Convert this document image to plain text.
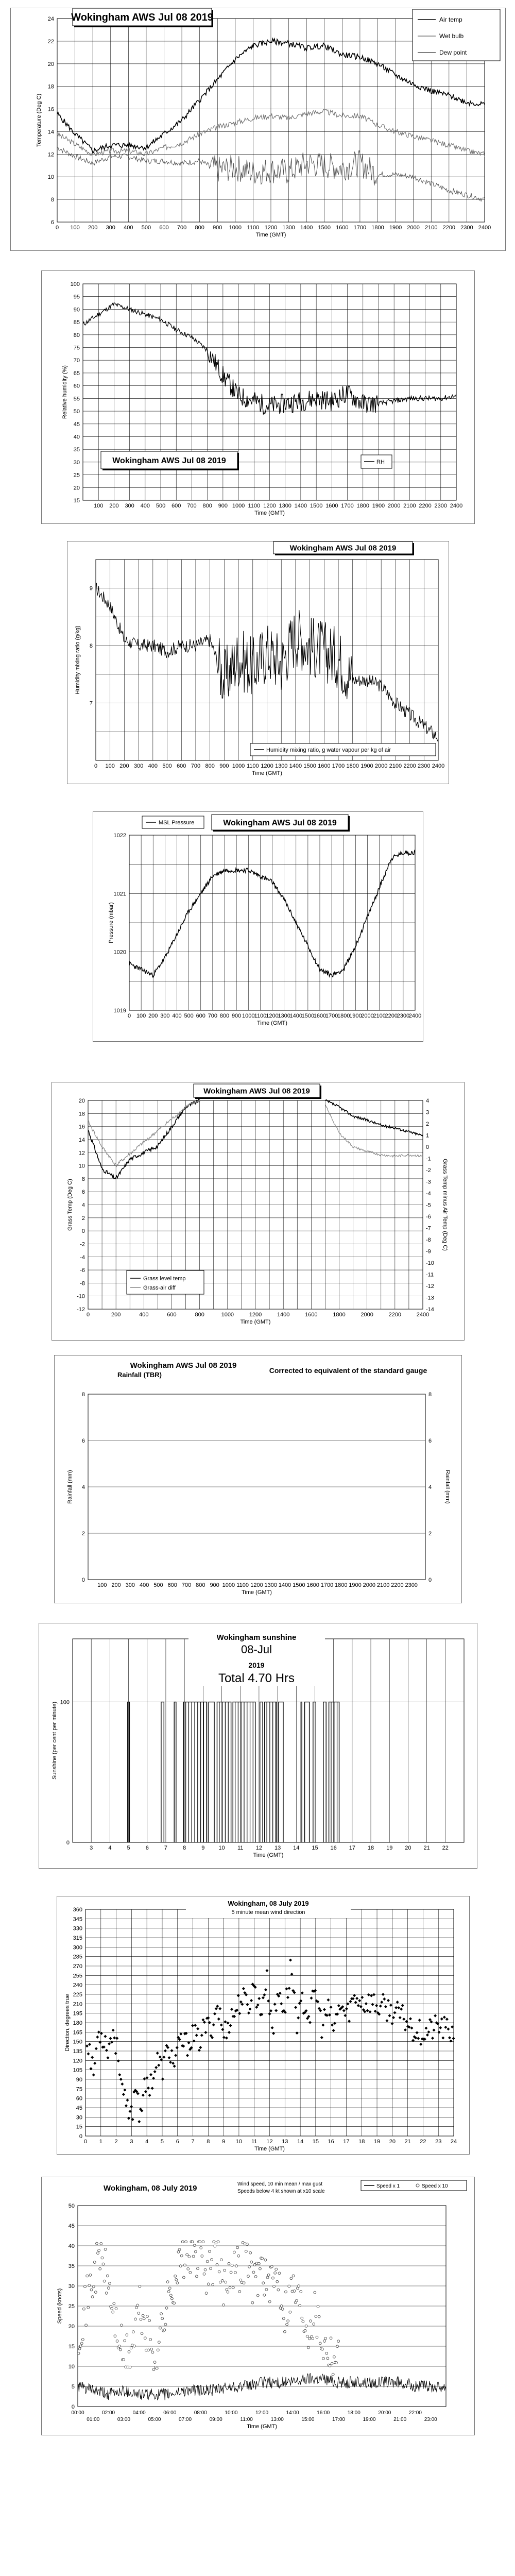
0 100 200 300 400 500 600 700 800 900 1000 1100 1200 1300 1400 1500 1600 1700 1800 1900 2000 2100 2200 2300 2400
6
8
10
12
14
16
18
20
22
24
Time (GMT)
Temperature (Deg C)
Wokingham AWS Jul 08 2019	Air temp
Wet bulb
Dew point
100 200 300 400 500 600 700 800 900 1000 1100 1200 1300 1400 1500 1600 1700 1800 1900 2000 2100 2200 2300 2400
15
20
25
30
35
40
45
50
55
60
65
70
75
80
85
90
95
100
Time (GMT)
Relative humidity (%)
Wokingham AWS Jul 08 2019	RH
0 100 200 300 400 500 600 700 800 900 1000 1100 1200 1300 1400 1500 1600 1700 1800 1900 2000 2100 2200 2300 2400
7
8
9
Time (GMT)
Humidity mixing ratio (g/kg)
Wokingham AWS Jul 08 2019
Humidity mixing ratio, g water vapour per kg of air
0 100 200 300 400 500 600 700 800 900 1000 1100 1200
1300
1400
1500
1600
1700
1800
1900
2000
2100
2200
2300
2400
1019
1020
1021
1022
Time (GMT)
Pressure (mbar)
MSL Pressure	Wokingham AWS Jul 08 2019
0	200	400	600	800	1000	1200	1400	1600	1800	2000	2200	2400
20
18
16
14
12
10
8
6
4
2
0
-2
-4
-6
-8
-10
-12
Time (GMT)
Grass Temp (Deg C)
4
3
2
1
0
-1
-2
-3
-4
-5
-6
-7
-8
-9
-10
-11
-12
-13
-14
Grass Temp minus Air Temp (Deg C)
Wokingham AWS Jul 08 2019
Grass level temp
Grass-air diff
100 200 300 400 500 600 700 800 900 1000 1100 1200 1300 1400 1500 1600 1700 1800 1900 2000 2100 2200 2300
0
2
4
6
8
Time (GMT)
Rainfall (mm)
0
2
4
6
8
Rainfall (mm)
Wokingham AWS Jul 08 2019
Rainfall (TBR)
Corrected to equivalent of the standard gauge
3	4	5	6	7	8	9 10 11 12 13 14 15 16 17 18 19 20 21 22
0
100
Time (GMT)
Sunshine (per cent per minute)
Wokingham sunshine
08-Jul
2019
Total 4.70 Hrs
0 1 2 3 4 5 6 7 8 9 10 11 12 13 14 15 16 17 18 19 20 21 22 23 24
0
15
30
45
60
75
90
105
120
135
150
165
180
195
210
225
240
255
270
285
300
315
330
345
360
Time (GMT)
Direction, degrees true
Wokingham, 08 July 2019
5 minute mean wind direction
0
5
10
15
20
25
30
35
40
45
50
Speed (knots)
00:00
01:00
02:00
03:00
04:00
05:00
06:00
07:00
08:00
09:00
10:00
11:00
12:00
13:00
14:00
15:00
16:00
17:00
18:00
19:00
20:00
21:00
22:00
23:00
Time (GMT)
Wokingham, 08 July 2019	Wind speed, 10 min mean / max gust
Speeds below 4 kt shown at x10 scale
Speed x 1	Speed x 10
